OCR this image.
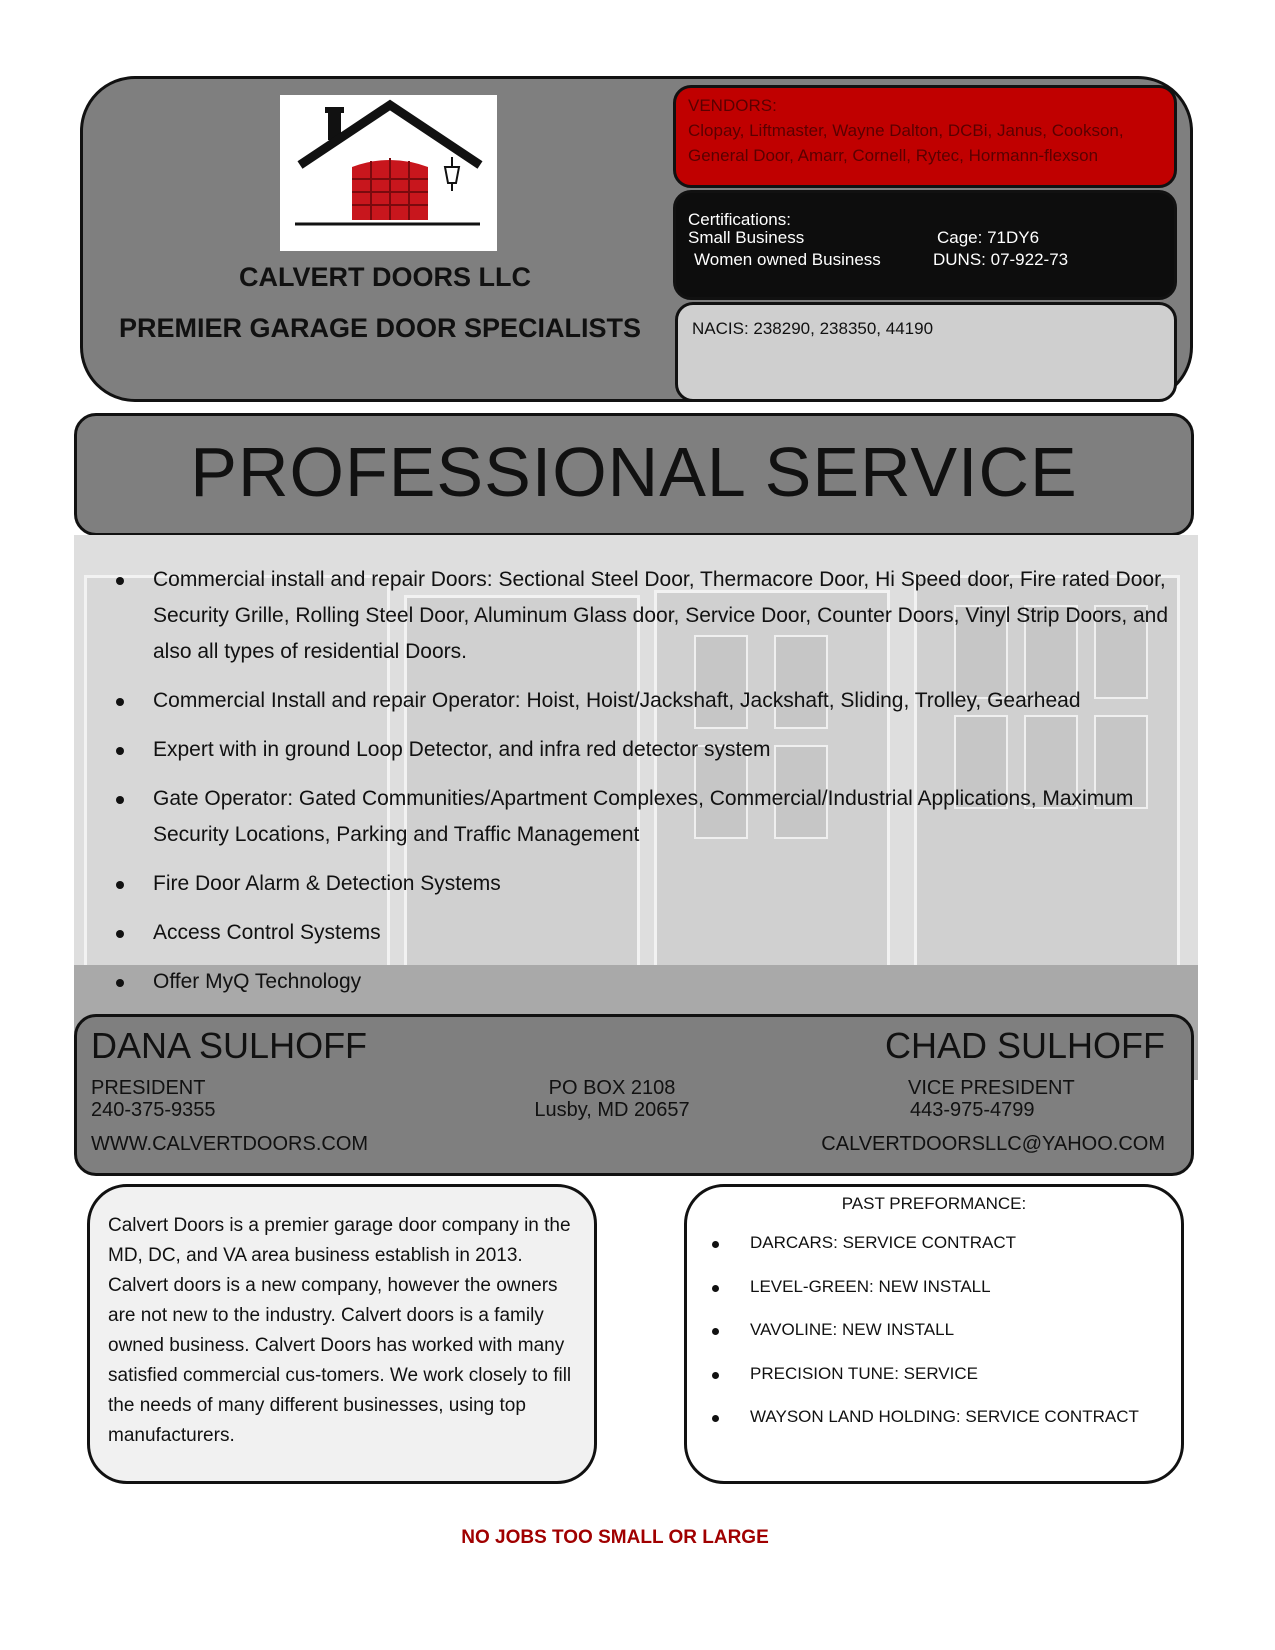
CALVERT DOORS LLC
PREMIER GARAGE DOOR SPECIALISTS
VENDORS:
Clopay, Liftmaster, Wayne Dalton, DCBi, Janus, Cookson,
General Door, Amarr, Cornell, Rytec, Hormann-flexson
Certifications:
Small Business
Women owned Business
Cage: 71DY6
DUNS: 07-922-73
NACIS: 238290, 238350, 44190
PROFESSIONAL SERVICE
Commercial install and repair Doors: Sectional Steel Door, Thermacore Door, Hi Speed door, Fire rated Door, Security Grille, Rolling Steel Door, Aluminum Glass door, Service Door, Counter Doors, Vinyl Strip Doors, and also all types of residential Doors.
Commercial Install and repair Operator: Hoist, Hoist/Jackshaft, Jackshaft, Sliding, Trolley, Gearhead
Expert with in ground Loop Detector, and infra red detector system
Gate Operator: Gated Communities/Apartment Complexes, Commercial/Industrial Applications, Maximum Security Locations, Parking and Traffic Management
Fire Door Alarm & Detection Systems
Access Control Systems
Offer MyQ Technology
DANA SULHOFF
PRESIDENT
240-375-9355
WWW.CALVERTDOORS.COM
PO BOX 2108
Lusby, MD 20657
CHAD SULHOFF
VICE PRESIDENT
443-975-4799
CALVERTDOORSLLC@YAHOO.COM
Calvert Doors is a premier garage door company in the MD, DC, and VA area business establish in 2013. Calvert doors is a new company, however the owners are not new to the industry. Calvert doors is a family owned business. Calvert Doors has worked with many satisfied commercial cus-tomers. We work closely to fill the needs of many different businesses, using top manufacturers.
PAST PREFORMANCE:
DARCARS: SERVICE CONTRACT
LEVEL-GREEN: NEW INSTALL
VAVOLINE: NEW INSTALL
PRECISION TUNE: SERVICE
WAYSON LAND HOLDING: SERVICE CONTRACT
NO JOBS TOO SMALL OR LARGE
